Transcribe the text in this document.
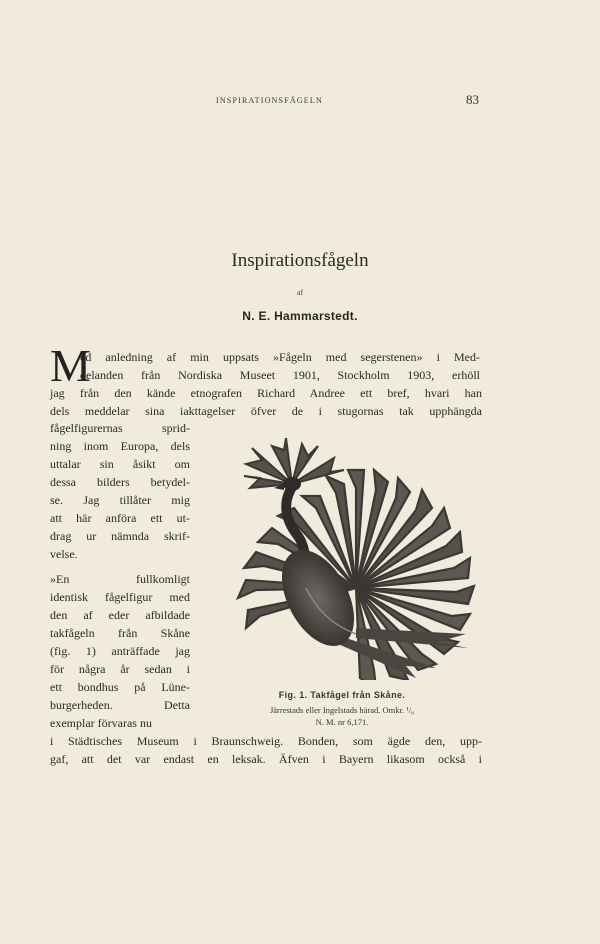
INSPIRATIONSFÅGELN	83
Inspirationsfågeln
af
N. E. Hammarstedt.
M
ed anledning af min uppsats »Fågeln med segerstenen» i Med-
delanden från Nordiska Museet 1901, Stockholm 1903, erhöll
jag från den kände etnografen Richard Andree ett bref, hvari han
dels meddelar sina iakttagelser öfver de i stugornas tak upphängda
fågelfigurernas sprid-
ning inom Europa, dels
uttalar sin åsikt om
dessa bilders betydel-
se. Jag tillåter mig
att här anföra ett ut-
drag ur nämnda skrif-
velse.
»En fullkomligt
identisk fågelfigur med
den af eder afbildade
takfågeln från Skåne
(fig. 1) anträffade jag
för några år sedan i
ett bondhus på Lüne-
burgerheden. Detta
exemplar förvaras nu
i Städtisches Museum i Braunschweig. Bonden, som ägde den, upp-
gaf, att det var endast en leksak. Äfven i Bayern likasom också i
Fig. 1. Takfågel från Skåne.
Järrestads eller Ingelstads härad. Omkr. ¹/₈
N. M. nr 6,171.
